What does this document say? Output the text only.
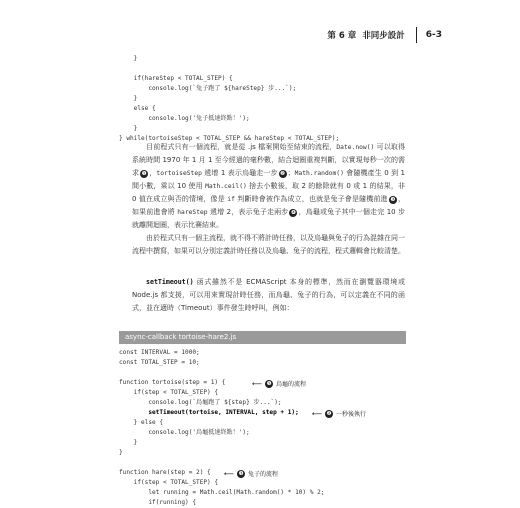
第 6 章 非同步設計 6-3
}

if(hareStep < TOTAL_STEP) {
console.log(`兔子跑了 ${hareStep} 步...`);
}
else {
console.log('兔子抵達終點！');
}
} while(tortoiseStep < TOTAL_STEP && hareStep < TOTAL_STEP);

目前程式只有一個流程，就是從 .js 檔案開始至結束的流程，Date.now() 可以取得系統時間 1970 年 1 月 1 至今經過的毫秒數，結合迴圈重複判斷，以實現每秒一次的需求 ❶ ，tortoiseStep 遞增 1 表示烏龜走一步 ❷ ；Math.random() 會隨機產生 0 到 1 間小數，乘以 10 使用 Math.ceil() 捨去小數後，取 2 的餘除就有 0 或 1 的結果，非 0 值在成立與否的情境，像是 if 判斷時會被作為成立，也就是兔子會是隨機前進 ❸ ，如果前進會將 hareStep 遞增 2，表示兔子走兩步 ❹ ，烏龜或兔子其中一個走完 10 步就離開迴圈，表示比賽結束。

由於程式只有一個主流程，就不得不將計時任務，以及烏龜與兔子的行為混雜在同一流程中撰寫，如果可以分別定義計時任務以及烏龜、兔子的流程，程式邏輯會比較清楚。

setTimeout() 函式雖然不是 ECMAScript 本身的標準，然而在瀏覽器環境或 Node.js 都支援，可以用來實現計時任務，而烏龜、兔子的行為，可以定義在不同的函式，並在適時（Timeout）事件發生時呼叫，例如：

async-callback tortoise-hare2.js
const INTERVAL = 1000;
const TOTAL_STEP = 10;

function tortoise(step = 1) {
if(step < TOTAL_STEP) {
console.log(`烏龜跑了 ${step} 步...`);
setTimeout(tortoise, INTERVAL, step + 1);
} else {
console.log('烏龜抵達終點！');
}
}

function hare(step = 2) {
if(step < TOTAL_STEP) {
let running = Math.ceil(Math.random() * 10) % 2;
if(running) {
⟵ ❶ 烏龜的流程
⟵ ❷ 一秒後執行
⟵ ❸ 兔子的流程
